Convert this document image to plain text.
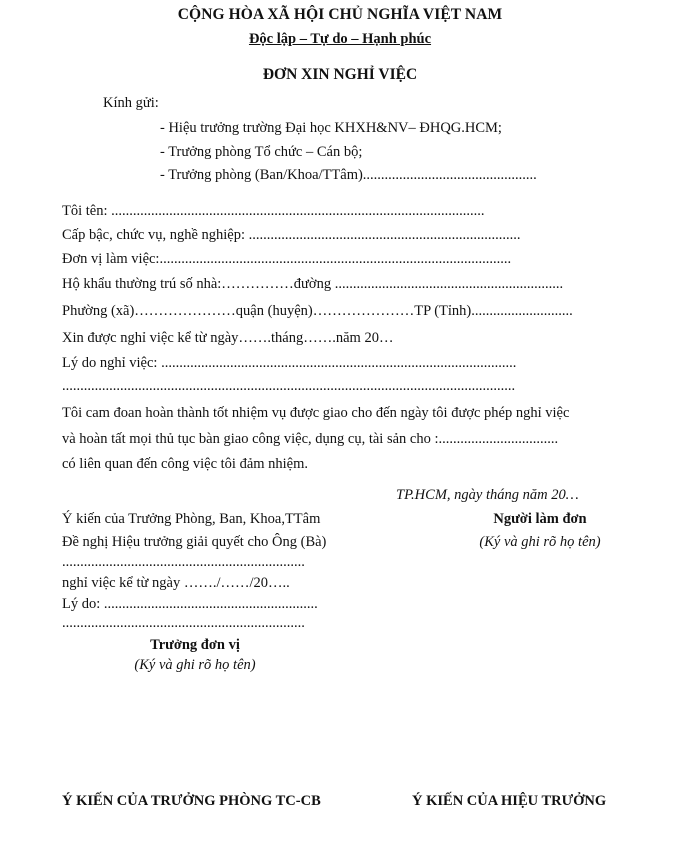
CỘNG HÒA XÃ HỘI CHỦ NGHĨA VIỆT NAM
Độc lập – Tự do – Hạnh phúc
ĐƠN XIN NGHỈ VIỆC
Kính gửi:
- Hiệu trưởng trường Đại học KHXH&NV– ĐHQG.HCM;
- Trưởng phòng Tổ chức – Cán bộ;
- Trưởng phòng (Ban/Khoa/TTâm)................................................
Tôi tên: .......................................................................................................
Cấp bậc, chức vụ, nghề nghiệp: ...........................................................................
Đơn vị làm việc:.................................................................................................
Hộ khẩu thường trú số nhà:……………đường ...............................................................
Phường (xã)…………………quận (huyện)…………………TP (Tỉnh)............................
Xin được nghỉ việc kể từ ngày…….tháng…….năm 20…
Lý do nghỉ việc: ..................................................................................................
.............................................................................................................................
Tôi cam đoan hoàn thành tốt nhiệm vụ được giao cho đến ngày tôi được phép nghỉ việc
và hoàn tất mọi thủ tục bàn giao công việc, dụng cụ, tài sản cho :.................................
có liên quan đến công việc tôi đảm nhiệm.
TP.HCM, ngày tháng năm 20…
Người làm đơn
(Ký và ghi rõ họ tên)
Ý kiến của Trưởng Phòng, Ban, Khoa,TTâm
Đề nghị Hiệu trưởng giải quyết cho Ông (Bà)
...................................................................
nghỉ việc kể từ ngày ……./……/20…..
Lý do: ...........................................................
...................................................................
Trưởng đơn vị
(Ký và ghi rõ họ tên)
Ý KIẾN CỦA TRƯỞNG PHÒNG TC-CB	Ý KIẾN CỦA HIỆU TRƯỞNG
